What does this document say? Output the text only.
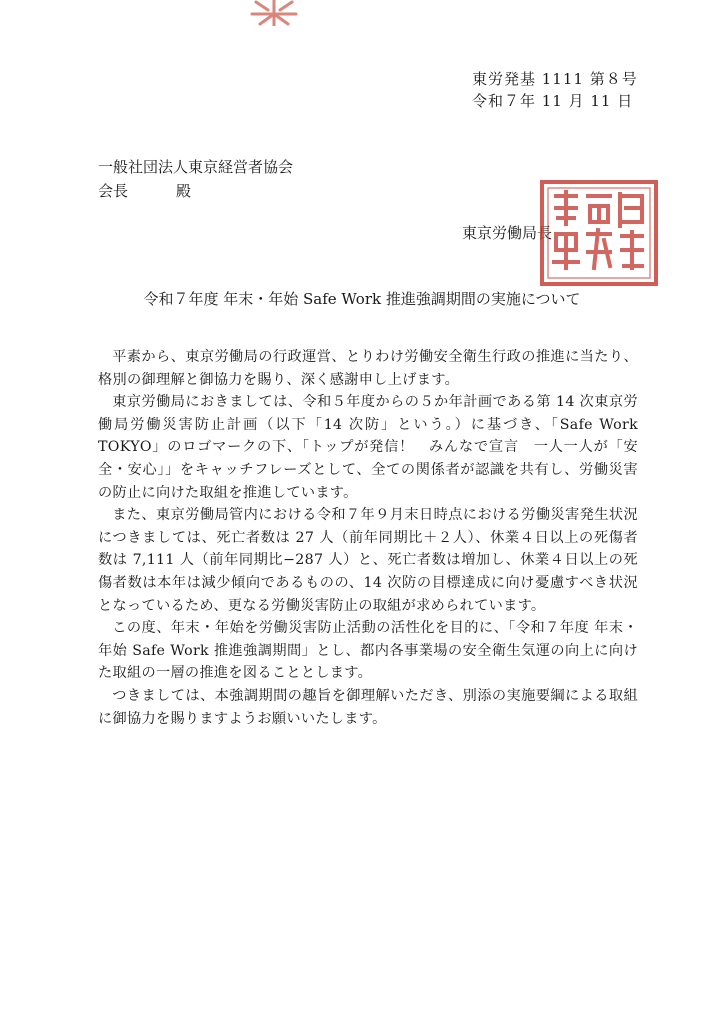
東労発基 1111 第８号
令和７年 11 月 11 日
一般社団法人東京経営者協会
会長	殿
東京労働局長
令和７年度 年末・年始 Safe Work 推進強調期間の実施について

平素から、東京労働局の行政運営、とりわけ労働安全衛生行政の推進に当たり、格別の御理解と御協力を賜り、深く感謝申し上げます。

東京労働局におきましては、令和５年度からの５か年計画である第 14 次東京労働局労働災害防止計画（以下「14 次防」という。）に基づき、「Safe Work TOKYO」のロゴマークの下、「トップが発信！　みんなで宣言　一人一人が「安全・安心」」をキャッチフレーズとして、全ての関係者が認識を共有し、労働災害の防止に向けた取組を推進しています。

また、東京労働局管内における令和７年９月末日時点における労働災害発生状況につきましては、死亡者数は 27 人（前年同期比＋２人）、休業４日以上の死傷者数は 7,111 人（前年同期比−287 人）と、死亡者数は増加し、休業４日以上の死傷者数は本年は減少傾向であるものの、14 次防の目標達成に向け憂慮すべき状況となっているため、更なる労働災害防止の取組が求められています。

この度、年末・年始を労働災害防止活動の活性化を目的に、「令和７年度 年末・年始 Safe Work 推進強調期間」とし、都内各事業場の安全衛生気運の向上に向けた取組の一層の推進を図ることとします。

つきましては、本強調期間の趣旨を御理解いただき、別添の実施要綱による取組に御協力を賜りますようお願いいたします。
